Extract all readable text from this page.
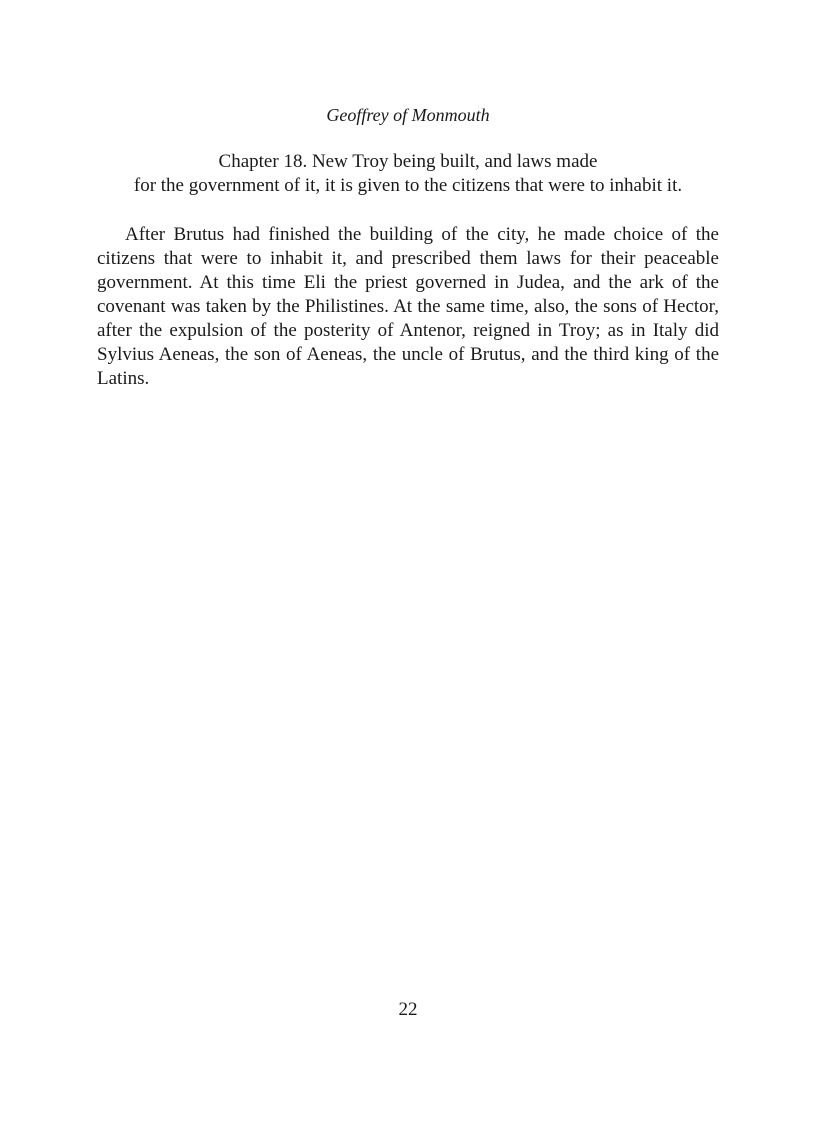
Geoffrey of Monmouth

Chapter 18. New Troy being built, and laws made
for the government of it, it is given to the citizens that were to inhabit it.

After Brutus had finished the building of the city, he made choice of the citizens that were to inhabit it, and prescribed them laws for their peaceable government. At this time Eli the priest governed in Judea, and the ark of the covenant was taken by the Philistines. At the same time, also, the sons of Hector, after the expulsion of the posterity of Antenor, reigned in Troy; as in Italy did Sylvius Aeneas, the son of Aeneas, the uncle of Brutus, and the third king of the Latins.

22
